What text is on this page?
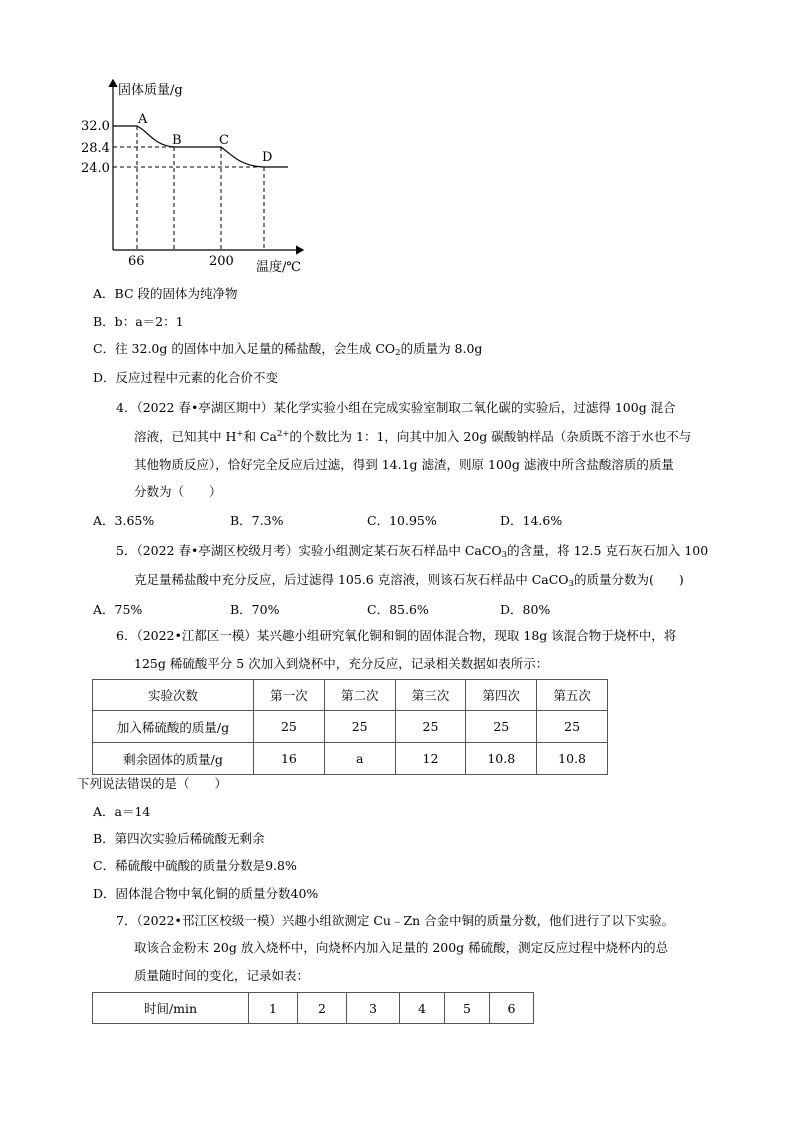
固体质量/g
温度/℃
32.0
28.4
24.0
66	200
A
B	C
D
A．BC 段的固体为纯净物
B．b：a＝2：1
C．往 32.0g 的固体中加入足量的稀盐酸，会生成 $CO_2$的质量为 8.0g
D．反应过程中元素的化合价不变
4．（2022 春•亭湖区期中）某化学实验小组在完成实验室制取二氧化碳的实验后，过滤得 100g 混合
溶液，已知其中 H+和 $Ca^{2+}$的个数比为 1：1，向其中加入 20g 碳酸钠样品（杂质既不溶于水也不与
其他物质反应），恰好完全反应后过滤，得到 14.1g 滤渣，则原 100g 滤液中所含盐酸溶质的质量
分数为（　　）
A．3.65%	B．7.3%	C．10.95%	D．14.6%
5．（2022 春•亭湖区校级月考）实验小组测定某石灰石样品中 CaCO$_3$的含量，将 12.5 克石灰石加入 100
克足量稀盐酸中充分反应，后过滤得 105.6 克溶液，则该石灰石样品中 CaCO$_3$的质量分数为(　　)
A．75%	B．70%	C．85.6%	D．80%
6．（2022•江都区一模）某兴趣小组研究氧化铜和铜的固体混合物，现取 18g 该混合物于烧杯中，将
125g 稀硫酸平分 5 次加入到烧杯中，充分反应，记录相关数据如表所示：
实验次数	第一次	第二次	第三次	第四次	第五次
加入稀硫酸的质量/g	25	25	25	25	25
剩余固体的质量/g	16	a	12	10.8	10.8
下列说法错误的是（　　）
A．a＝14
B．第四次实验后稀硫酸无剩余
C．稀硫酸中硫酸的质量分数是9.8%
D．固体混合物中氧化铜的质量分数40%
7．（2022•邗江区校级一模）兴趣小组欲测定 Cu﹣Zn 合金中铜的质量分数，他们进行了以下实验。
取该合金粉末 20g 放入烧杯中，向烧杯内加入足量的 200g 稀硫酸，测定反应过程中烧杯内的总
质量随时间的变化，记录如表：
时间/min	1	2	3	4	5	6
